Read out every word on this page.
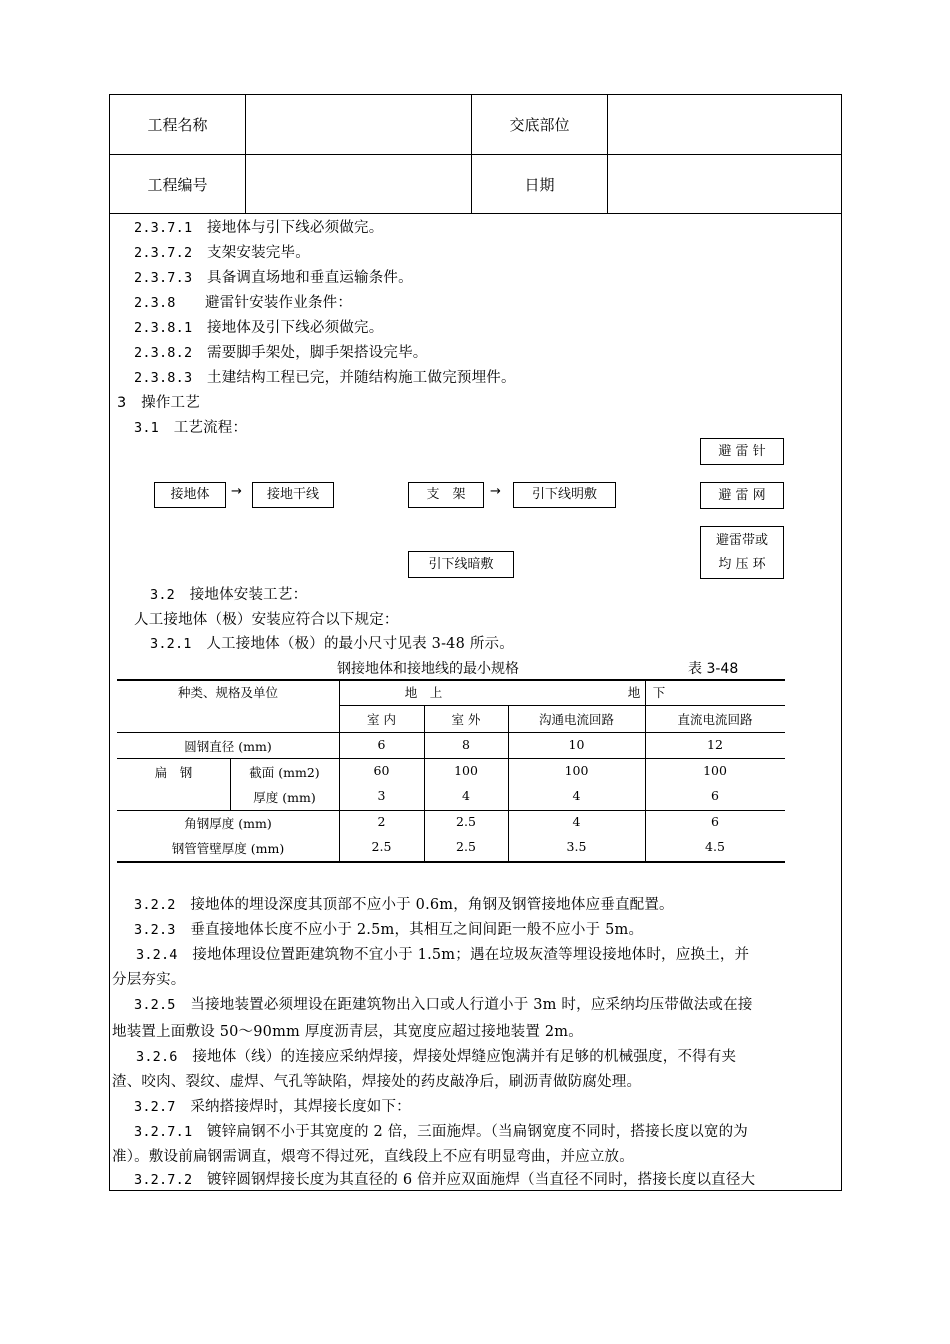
工程名称	交底部位
工程编号	日期
2.3.7.1　 接地体与引下线必须做完。
2.3.7.2　 支架安装完毕。
2.3.7.3　 具备调直场地和垂直运输条件。
2.3.8　　 避雷针安装作业条件：
2.3.8.1　 接地体及引下线必须做完。
2.3.8.2　 需要脚手架处，脚手架搭设完毕。
2.3.8.3　 土建结构工程已完，并随结构施工做完预埋件。
3　 操作工艺
3.1　 工艺流程：
接地体	→	接地干线	支　架	→	引下线明敷
引下线暗敷
避 雷 针
避 雷 网
避雷带或
均 压 环
3.2　 接地体安装工艺：
人工接地体（极）安装应符合以下规定：
3.2.1　 人工接地体（极）的最小尺寸见表 3-48 所示。
钢接地体和接地线的最小规格	表 3-48
种类、规格及单位	地　上	地　下
室 内	室 外	沟通电流回路	直流电流回路
圆钢直径 (mm)	6	8	10	12
扁　钢	截面 (mm2)	60	100	100	100
厚度 (mm)	3	4	4	6
角钢厚度 (mm)	2	2.5	4	6
钢管管壁厚度 (mm)	2.5	2.5	3.5	4.5
3.2.2　 接地体的埋设深度其顶部不应小于 0.6m，角钢及钢管接地体应垂直配置。
3.2.3　 垂直接地体长度不应小于 2.5m，其相互之间间距一般不应小于 5m。
3.2.4　 接地体理设位置距建筑物不宜小于 1.5m；遇在垃圾灰渣等埋设接地体时，应换土，并
分层夯实。
3.2.5　 当接地装置必须埋设在距建筑物出入口或人行道小于 3m 时，应采纳均压带做法或在接
地装置上面敷设 50～90mm 厚度沥青层，其宽度应超过接地装置 2m。
3.2.6　 接地体（线）的连接应采纳焊接，焊接处焊缝应饱满并有足够的机械强度，不得有夹
渣、咬肉、裂纹、虚焊、气孔等缺陷，焊接处的药皮敲净后，刷沥青做防腐处理。
3.2.7　 采纳搭接焊时，其焊接长度如下：
3.2.7.1　 镀锌扁钢不小于其宽度的 2 倍，三面施焊。（当扁钢宽度不同时，搭接长度以宽的为
准）。敷设前扁钢需调直，煨弯不得过死，直线段上不应有明显弯曲，并应立放。
3.2.7.2　 镀锌圆钢焊接长度为其直径的 6 倍并应双面施焊（当直径不同时，搭接长度以直径大
